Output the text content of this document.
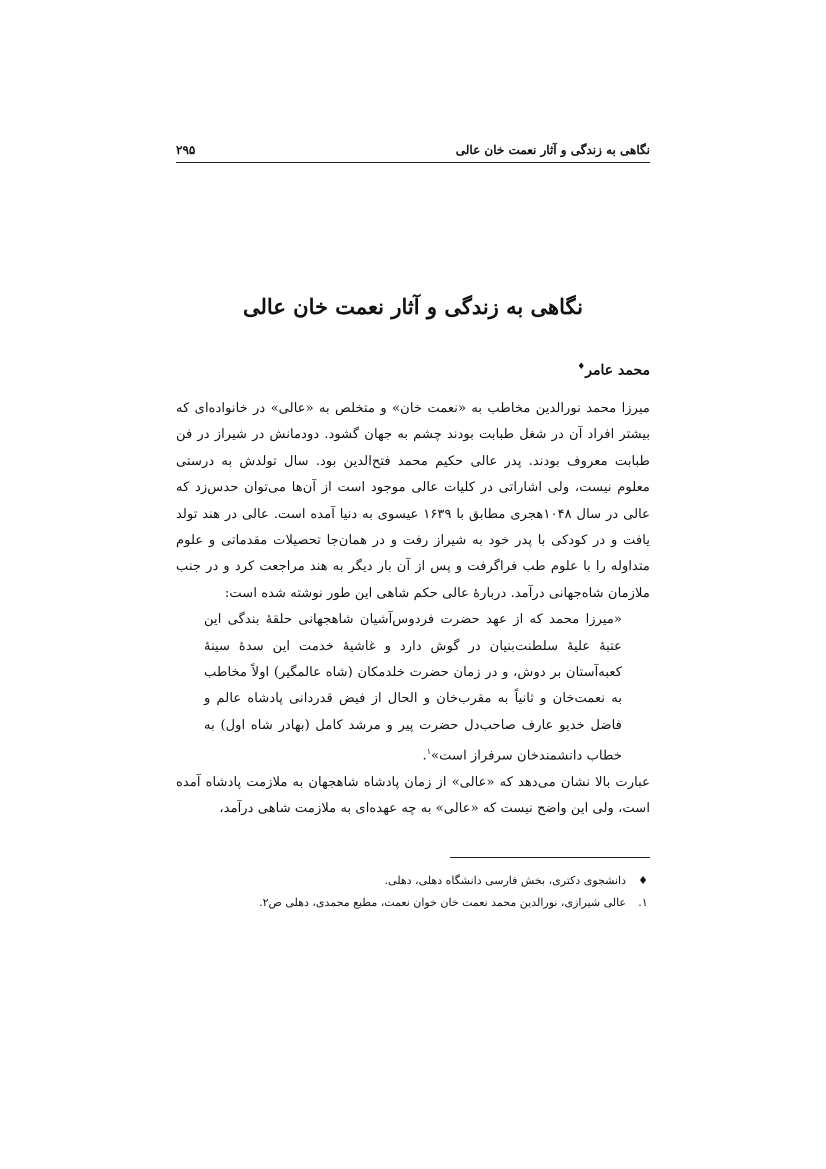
نگاهی به زندگی و آثار نعمت خان عالی
۲۹۵
نگاهی به زندگی و آثار نعمت خان عالی
محمد عامر♦

میرزا محمد نورالدین مخاطب به «نعمت خان» و متخلص به «عالی» در خانواده‌ای که بیشتر افراد آن در شغل طبابت بودند چشم به جهان گشود. دودمانش در شیراز در فن طبابت معروف بودند. پدر عالی حکیم محمد فتح‌الدین بود. سال تولدش به درستی معلوم نیست، ولی اشاراتی در کلیات عالی موجود است از آن‌ها می‌توان حدس‌زد که عالی در سال ۱۰۴۸هجری مطابق با ۱۶۳۹ عیسوی به دنیا آمده است. عالی در هند تولد یافت و در کودکی با پدر خود به شیراز رفت و در همان‌جا تحصیلات مقدماتی و علوم متداوله را با علوم طب فراگرفت و پس از آن بار دیگر به هند مراجعت کرد و در جنب ملازمان شاه‌جهانی درآمد. دربارهٔ عالی حکم شاهی این طور نوشته شده است:

«میرزا محمد که از عهد حضرت فردوس‌آشیان شاهجهانی حلقهٔ بندگی این عتبهٔ علیهٔ سلطنت‌بنیان در گوش دارد و غاشیهٔ خدمت این سدهٔ سینهٔ کعبه‌آستان بر دوش، و در زمان حضرت خلدمکان (شاه عالمگیر) اولاً مخاطب به نعمت‌خان و ثانیاً به مقرب‌خان و الحال از فیض قدردانی پادشاه عالم و فاضل خدیو عارف صاحب‌دل حضرت پیر و مرشد کامل (بهادر شاه اول) به خطاب دانشمندخان سرفراز است»$^۱$.

عبارت بالا نشان می‌دهد که «عالی» از زمان پادشاه شاهجهان به ملازمت پادشاه آمده است، ولی این واضح نیست که «عالی» به چه عهده‌ای به ملازمت شاهی درآمد،

♦
دانشجوی دکتری، بخش فارسی دانشگاه دهلی، دهلی.
۱.
عالی شیرازی، نورالدین محمد نعمت خان خوان نعمت، مطبع محمدی، دهلی ص۲.
